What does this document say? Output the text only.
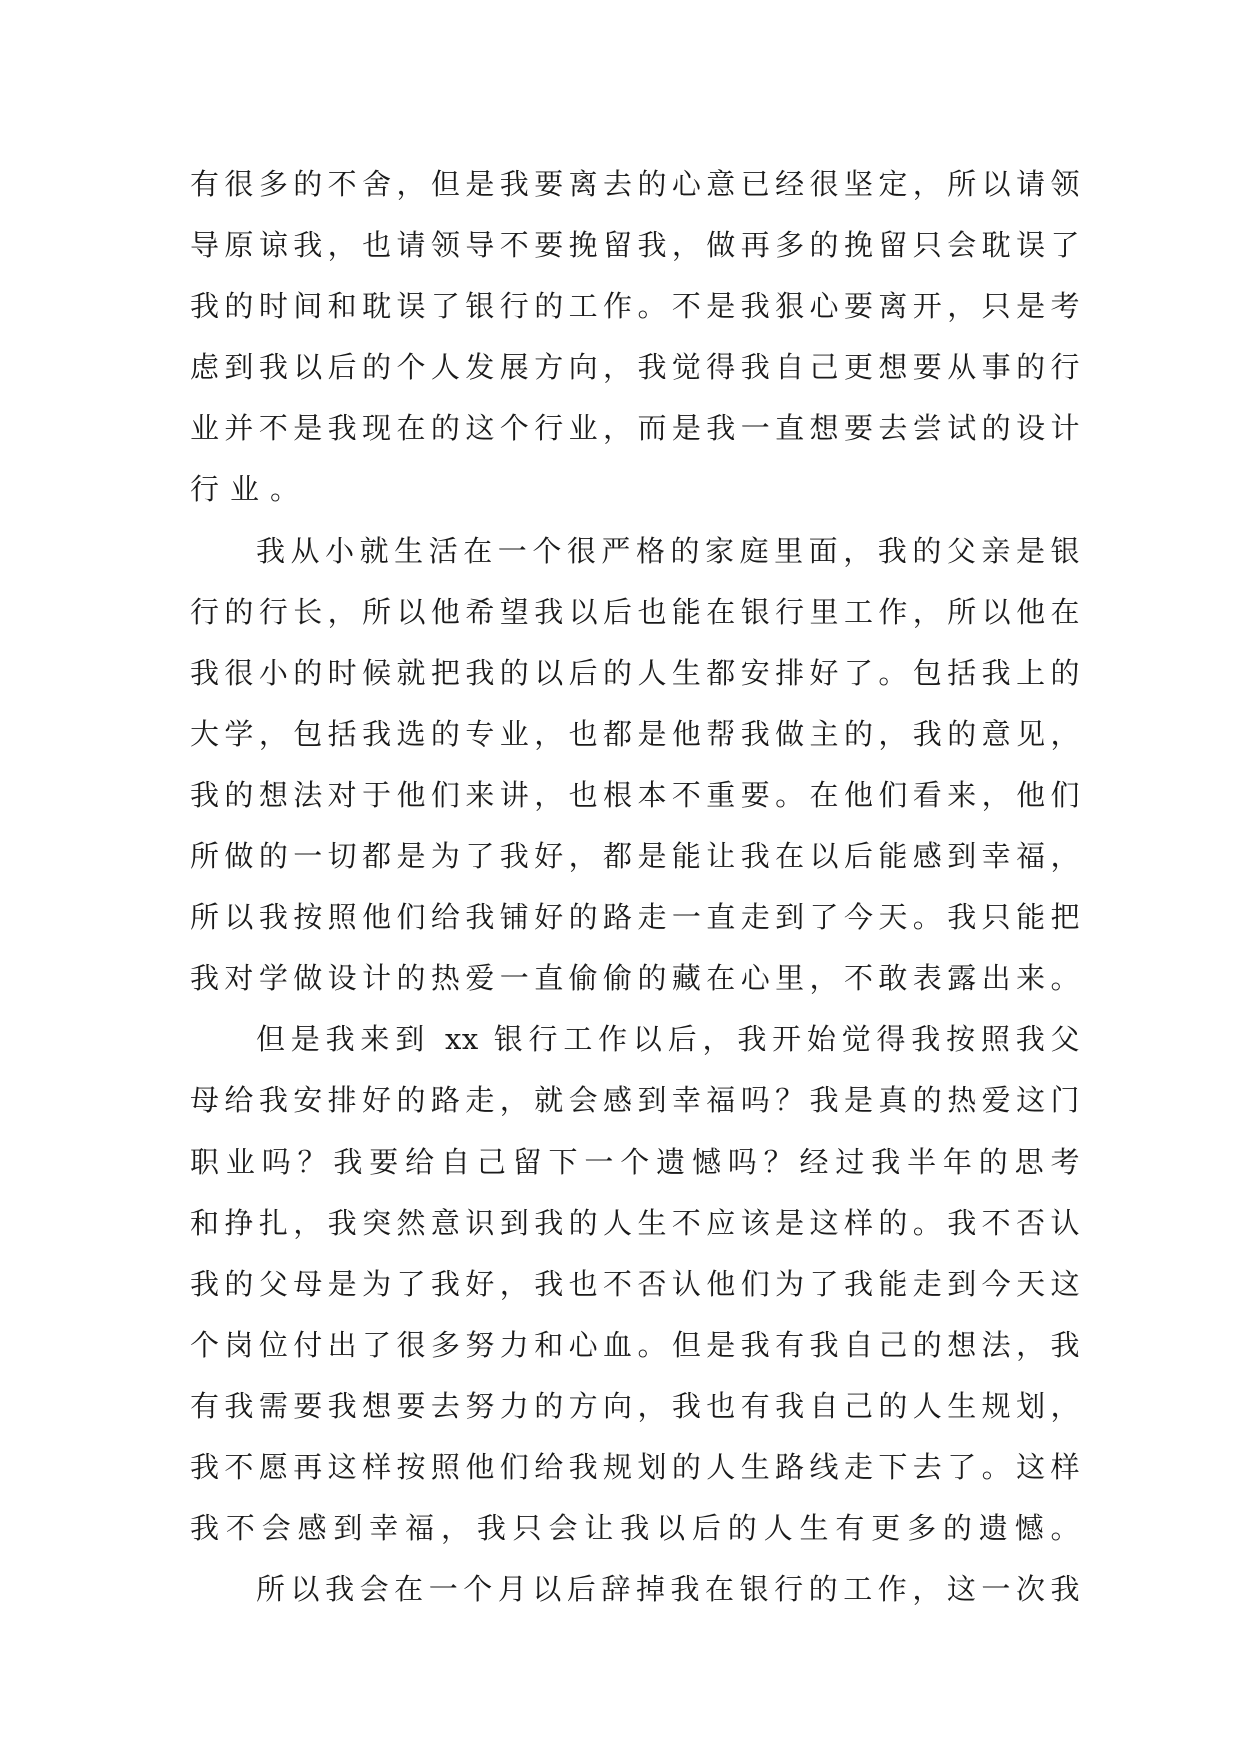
有很多的不舍，但是我要离去的心意已经很坚定，所以请领
导原谅我，也请领导不要挽留我，做再多的挽留只会耽误了
我的时间和耽误了银行的工作。不是我狠心要离开，只是考
虑到我以后的个人发展方向，我觉得我自己更想要从事的行
业并不是我现在的这个行业，而是我一直想要去尝试的设计
行业。
我从小就生活在一个很严格的家庭里面，我的父亲是银
行的行长，所以他希望我以后也能在银行里工作，所以他在
我很小的时候就把我的以后的人生都安排好了。包括我上的
大学，包括我选的专业，也都是他帮我做主的，我的意见，
我的想法对于他们来讲，也根本不重要。在他们看来，他们
所做的一切都是为了我好，都是能让我在以后能感到幸福，
所以我按照他们给我铺好的路走一直走到了今天。我只能把
我对学做设计的热爱一直偷偷的藏在心里，不敢表露出来。
但是我来到 xx 银行工作以后，我开始觉得我按照我父
母给我安排好的路走，就会感到幸福吗？我是真的热爱这门
职业吗？我要给自己留下一个遗憾吗？经过我半年的思考
和挣扎，我突然意识到我的人生不应该是这样的。我不否认
我的父母是为了我好，我也不否认他们为了我能走到今天这
个岗位付出了很多努力和心血。但是我有我自己的想法，我
有我需要我想要去努力的方向，我也有我自己的人生规划，
我不愿再这样按照他们给我规划的人生路线走下去了。这样
我不会感到幸福，我只会让我以后的人生有更多的遗憾。
所以我会在一个月以后辞掉我在银行的工作，这一次我
